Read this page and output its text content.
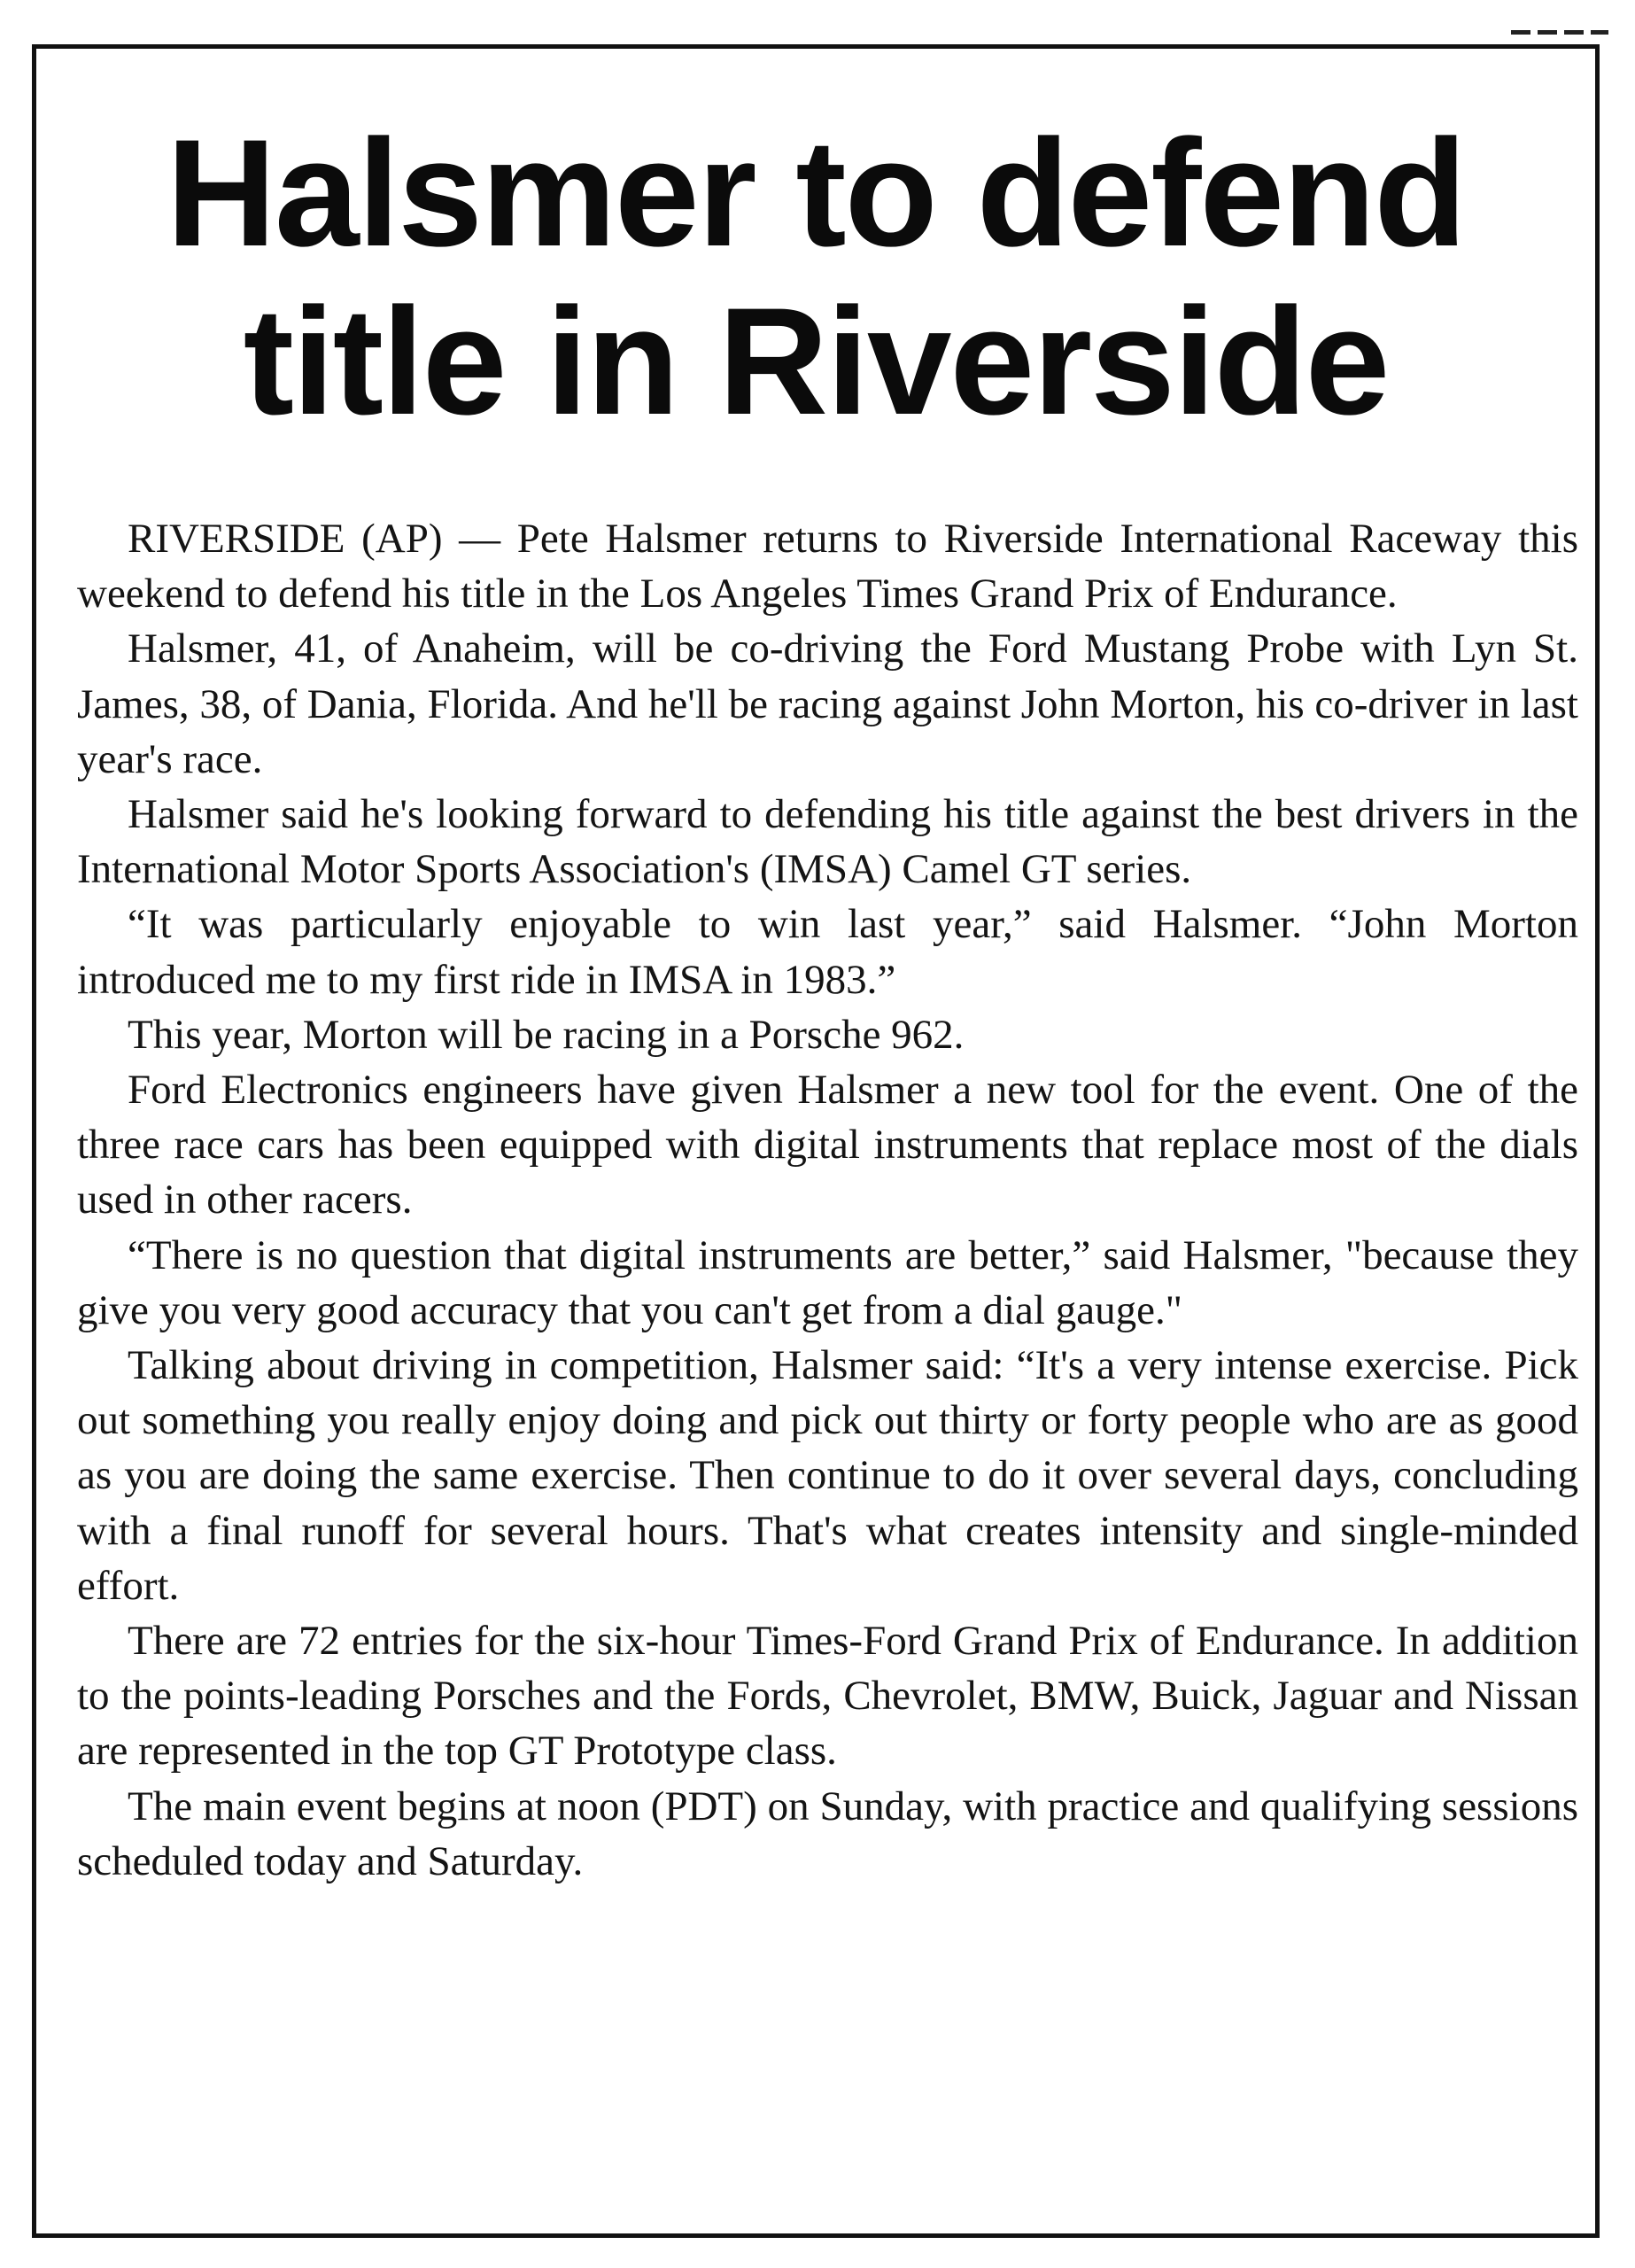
Halsmer to defend
title in Riverside

RIVERSIDE (AP) — Pete Halsmer returns to Riverside International Raceway this weekend to defend his title in the Los Angeles Times Grand Prix of Endurance.

Halsmer, 41, of Anaheim, will be co-driving the Ford Mustang Probe with Lyn St. James, 38, of Dania, Florida. And he'll be racing against John Morton, his co-driver in last year's race.

Halsmer said he's looking forward to defending his title against the best drivers in the International Motor Sports Association's (IMSA) Camel GT series.

“It was particularly enjoyable to win last year,” said Halsmer. “John Morton introduced me to my first ride in IMSA in 1983.”

This year, Morton will be racing in a Porsche 962.

Ford Electronics engineers have given Halsmer a new tool for the event. One of the three race cars has been equipped with digital instruments that replace most of the dials used in other racers.

“There is no question that digital instruments are better,” said Halsmer, "because they give you very good accuracy that you can't get from a dial gauge."

Talking about driving in competition, Halsmer said: “It's a very intense exercise. Pick out something you really enjoy doing and pick out thirty or forty people who are as good as you are doing the same exercise. Then continue to do it over several days, concluding with a final runoff for several hours. That's what creates intensity and single-minded effort.

There are 72 entries for the six-hour Times-Ford Grand Prix of Endurance. In addition to the points-leading Porsches and the Fords, Chevrolet, BMW, Buick, Jaguar and Nissan are represented in the top GT Prototype class.

The main event begins at noon (PDT) on Sunday, with practice and qualifying sessions scheduled today and Saturday.
